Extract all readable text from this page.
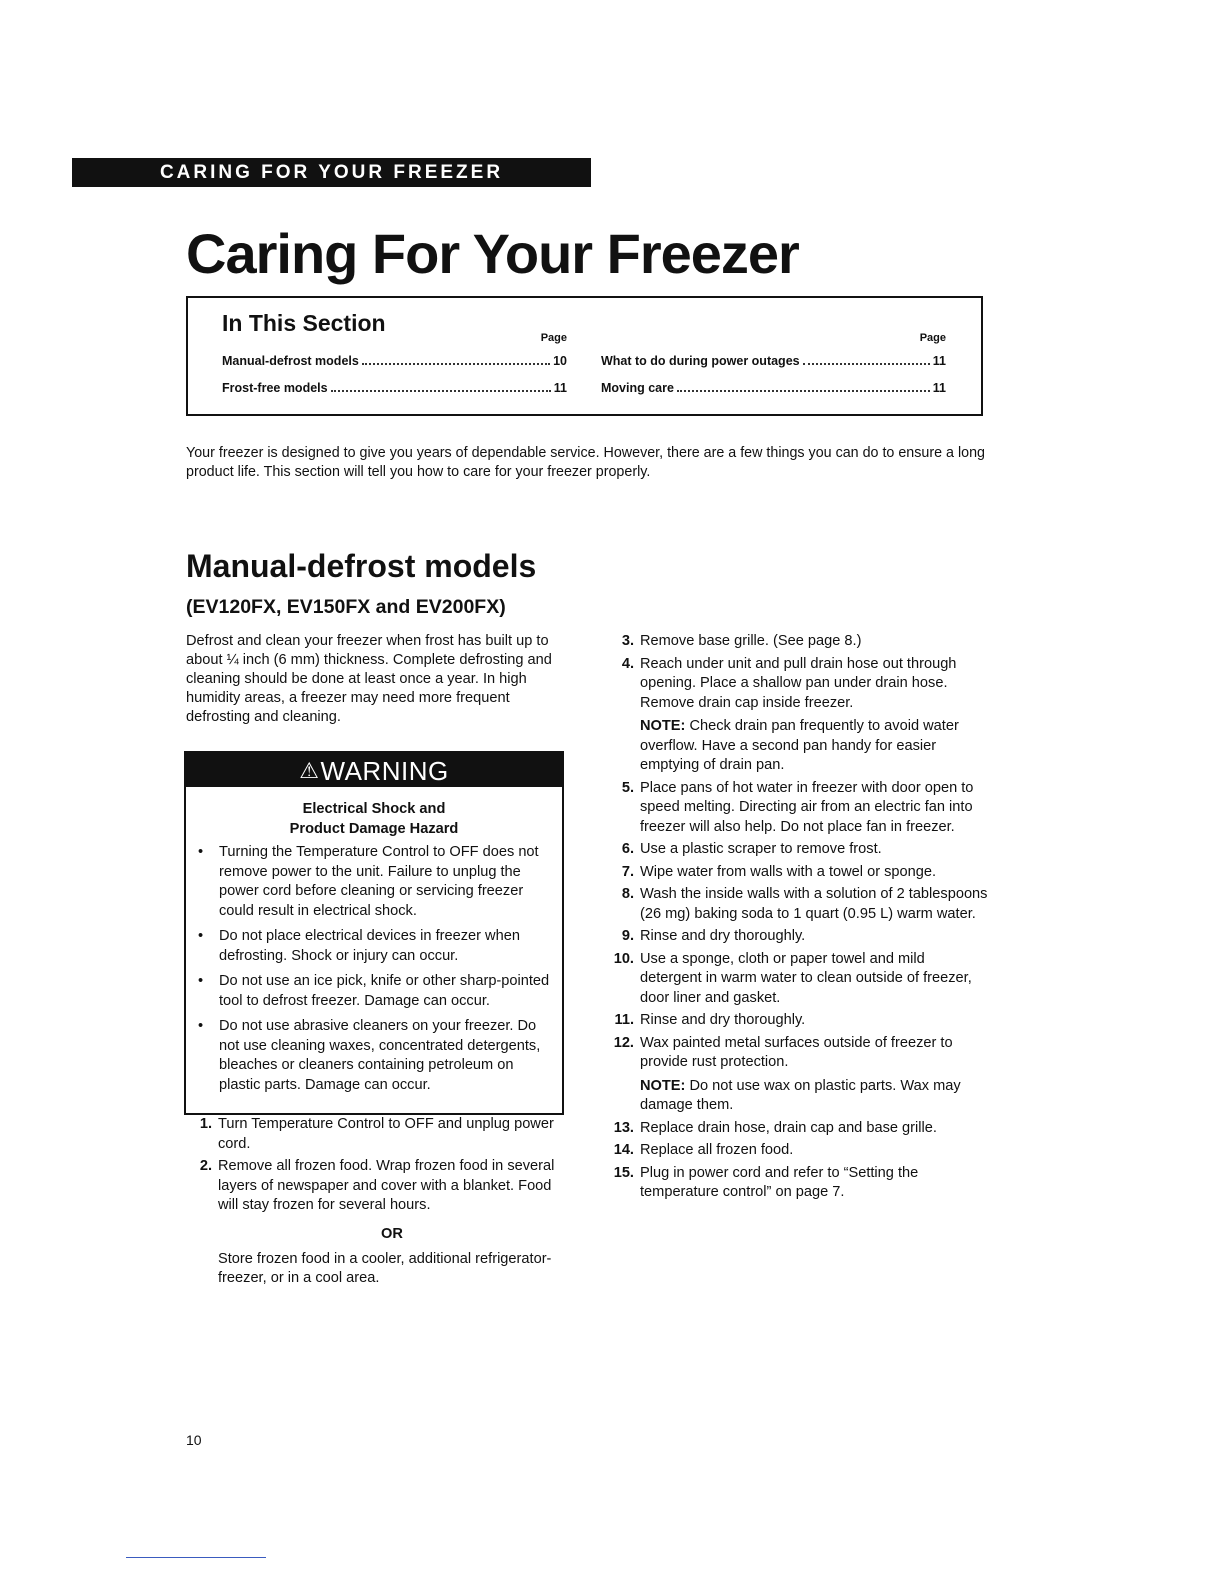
CARING FOR YOUR FREEZER
Caring For Your Freezer
In This Section
Page
Manual-defrost models	10
Frost-free models	11
Page
What to do during power outages	11
Moving care	11

Your freezer is designed to give you years of dependable service. However, there are a few things you can do to ensure a long product life. This section will tell you how to care for your freezer properly.

Manual-defrost models
(EV120FX, EV150FX and EV200FX)

Defrost and clean your freezer when frost has built up to about ¼ inch (6 mm) thickness. Complete defrosting and cleaning should be done at least once a year. In high humidity areas, a freezer may need more frequent defrosting and cleaning.

⚠WARNING
Electrical Shock and
Product Damage Hazard
•	Turning the Temperature Control to OFF does not remove power to the unit. Failure to unplug the power cord before cleaning or servicing freezer could result in electrical shock.
•	Do not place electrical devices in freezer when defrosting. Shock or injury can occur.
•	Do not use an ice pick, knife or other sharp-pointed tool to defrost freezer. Damage can occur.
•	Do not use abrasive cleaners on your freezer. Do not use cleaning waxes, concentrated detergents, bleaches or cleaners containing petroleum on plastic parts. Damage can occur.
1. Turn Temperature Control to OFF and unplug power cord.
2. Remove all frozen food. Wrap frozen food in several layers of newspaper and cover with a blanket. Food will stay frozen for several hours.
OR

Store frozen food in a cooler, additional refrigerator-freezer, or in a cool area.

3. Remove base grille. (See page 8.)
4. Reach under unit and pull drain hose out through opening. Place a shallow pan under drain hose. Remove drain cap inside freezer.
NOTE: Check drain pan frequently to avoid water overflow. Have a second pan handy for easier emptying of drain pan.
5. Place pans of hot water in freezer with door open to speed melting. Directing air from an electric fan into freezer will also help. Do not place fan in freezer.
6. Use a plastic scraper to remove frost.
7. Wipe water from walls with a towel or sponge.
8. Wash the inside walls with a solution of 2 tablespoons (26 mg) baking soda to 1 quart (0.95 L) warm water.
9. Rinse and dry thoroughly.
10. Use a sponge, cloth or paper towel and mild detergent in warm water to clean outside of freezer, door liner and gasket.
11. Rinse and dry thoroughly.
12. Wax painted metal surfaces outside of freezer to provide rust protection.
NOTE: Do not use wax on plastic parts. Wax may damage them.
13. Replace drain hose, drain cap and base grille.
14. Replace all frozen food.
15. Plug in power cord and refer to “Setting the temperature control” on page 7.
10
